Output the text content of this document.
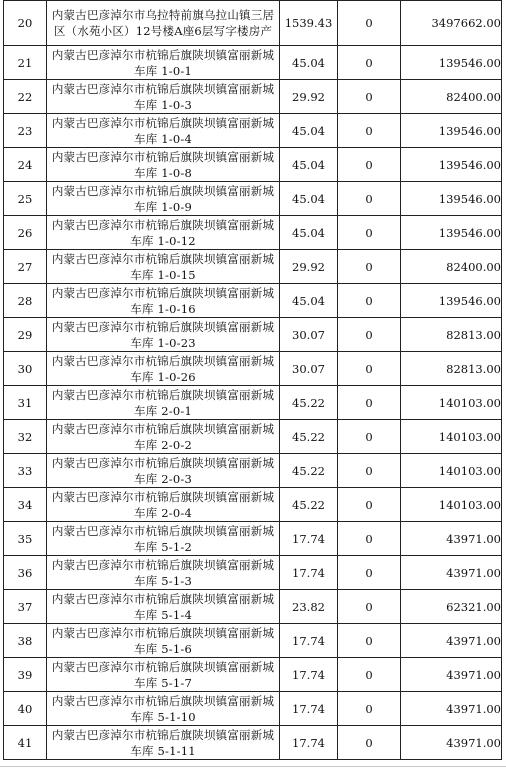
20	内蒙古巴彦淖尔市乌拉特前旗乌拉山镇三居区（水苑小区）12号楼A座6层写字楼房产	1539.43	0	3497662.00
21	内蒙古巴彦淖尔市杭锦后旗陕坝镇富丽新城车库 1-0-1	45.04	0	139546.00
22	内蒙古巴彦淖尔市杭锦后旗陕坝镇富丽新城车库 1-0-3	29.92	0	82400.00
23	内蒙古巴彦淖尔市杭锦后旗陕坝镇富丽新城车库 1-0-4	45.04	0	139546.00
24	内蒙古巴彦淖尔市杭锦后旗陕坝镇富丽新城车库 1-0-8	45.04	0	139546.00
25	内蒙古巴彦淖尔市杭锦后旗陕坝镇富丽新城车库 1-0-9	45.04	0	139546.00
26	内蒙古巴彦淖尔市杭锦后旗陕坝镇富丽新城车库 1-0-12	45.04	0	139546.00
27	内蒙古巴彦淖尔市杭锦后旗陕坝镇富丽新城车库 1-0-15	29.92	0	82400.00
28	内蒙古巴彦淖尔市杭锦后旗陕坝镇富丽新城车库 1-0-16	45.04	0	139546.00
29	内蒙古巴彦淖尔市杭锦后旗陕坝镇富丽新城车库 1-0-23	30.07	0	82813.00
30	内蒙古巴彦淖尔市杭锦后旗陕坝镇富丽新城车库 1-0-26	30.07	0	82813.00
31	内蒙古巴彦淖尔市杭锦后旗陕坝镇富丽新城车库 2-0-1	45.22	0	140103.00
32	内蒙古巴彦淖尔市杭锦后旗陕坝镇富丽新城车库 2-0-2	45.22	0	140103.00
33	内蒙古巴彦淖尔市杭锦后旗陕坝镇富丽新城车库 2-0-3	45.22	0	140103.00
34	内蒙古巴彦淖尔市杭锦后旗陕坝镇富丽新城车库 2-0-4	45.22	0	140103.00
35	内蒙古巴彦淖尔市杭锦后旗陕坝镇富丽新城车库 5-1-2	17.74	0	43971.00
36	内蒙古巴彦淖尔市杭锦后旗陕坝镇富丽新城车库 5-1-3	17.74	0	43971.00
37	内蒙古巴彦淖尔市杭锦后旗陕坝镇富丽新城车库 5-1-4	23.82	0	62321.00
38	内蒙古巴彦淖尔市杭锦后旗陕坝镇富丽新城车库 5-1-6	17.74	0	43971.00
39	内蒙古巴彦淖尔市杭锦后旗陕坝镇富丽新城车库 5-1-7	17.74	0	43971.00
40	内蒙古巴彦淖尔市杭锦后旗陕坝镇富丽新城车库 5-1-10	17.74	0	43971.00
41	内蒙古巴彦淖尔市杭锦后旗陕坝镇富丽新城车库 5-1-11	17.74	0	43971.00
